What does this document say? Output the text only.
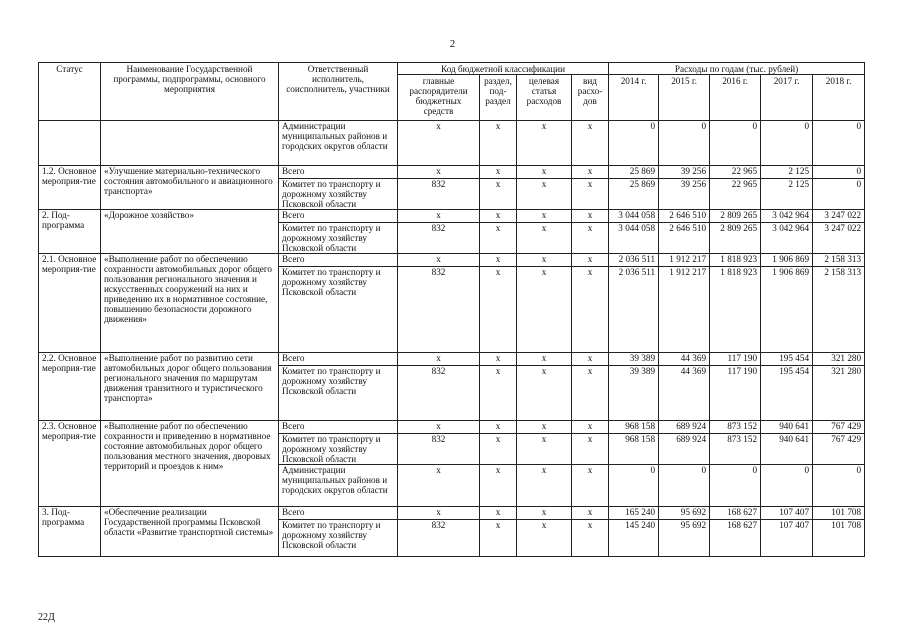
2
Статус	Наименование Государственной программы, подпрограммы, основного мероприятия	Ответственный исполнитель, соисполнитель, участники	Код бюджетной классификации				Расходы по годам (тыс. рублей)				
			главные распорядители бюджетных средств	раздел, под-раздел	целевая статья расходов	вид расхо-дов	2014 г.	2015 г.	2016 г.	2017 г.	2018 г.
		Администрации муниципальных районов и городских округов области	х	х	х	х	0	0	0	0	0
1.2. Основное мероприя-тие	«Улучшение материально-технического состояния автомобильного и авиационного транспорта»	Всего	х	х	х	х	25 869	39 256	22 965	2 125	0
		Комитет по транспорту и дорожному хозяйству Псковской области	832	х	х	х	25 869	39 256	22 965	2 125	0
2. Под-программа	«Дорожное хозяйство»	Всего	х	х	х	х	3 044 058	2 646 510	2 809 265	3 042 964	3 247 022
		Комитет по транспорту и дорожному хозяйству Псковской области	832	х	х	х	3 044 058	2 646 510	2 809 265	3 042 964	3 247 022
2.1. Основное мероприя-тие	«Выполнение работ по обеспечению сохранности автомобильных дорог общего пользования регионального значения и искусственных сооружений на них и приведению их в нормативное состояние, повышению безопасности дорожного движения»	Всего	х	х	х	х	2 036 511	1 912 217	1 818 923	1 906 869	2 158 313
		Комитет по транспорту и дорожному хозяйству Псковской области	832	х	х	х	2 036 511	1 912 217	1 818 923	1 906 869	2 158 313
2.2. Основное мероприя-тие	«Выполнение работ по развитию сети автомобильных дорог общего пользования регионального значения по маршрутам движения транзитного и туристического транспорта»	Всего	х	х	х	х	39 389	44 369	117 190	195 454	321 280
		Комитет по транспорту и дорожному хозяйству Псковской области	832	х	х	х	39 389	44 369	117 190	195 454	321 280
2.3. Основное мероприя-тие	«Выполнение работ по обеспечению сохранности и приведению в нормативное состояние автомобильных дорог общего пользования местного значения, дворовых территорий и проездов к ним»	Всего	х	х	х	х	968 158	689 924	873 152	940 641	767 429
		Комитет по транспорту и дорожному хозяйству Псковской области	832	х	х	х	968 158	689 924	873 152	940 641	767 429
		Администрации муниципальных районов и городских округов области	х	х	х	х	0	0	0	0	0
3. Под-программа	«Обеспечение реализации Государственной программы Псковской области «Развитие транспортной системы»	Всего	х	х	х	х	165 240	95 692	168 627	107 407	101 708
		Комитет по транспорту и дорожному хозяйству Псковской области	832	х	х	х	145 240	95 692	168 627	107 407	101 708
22Д
